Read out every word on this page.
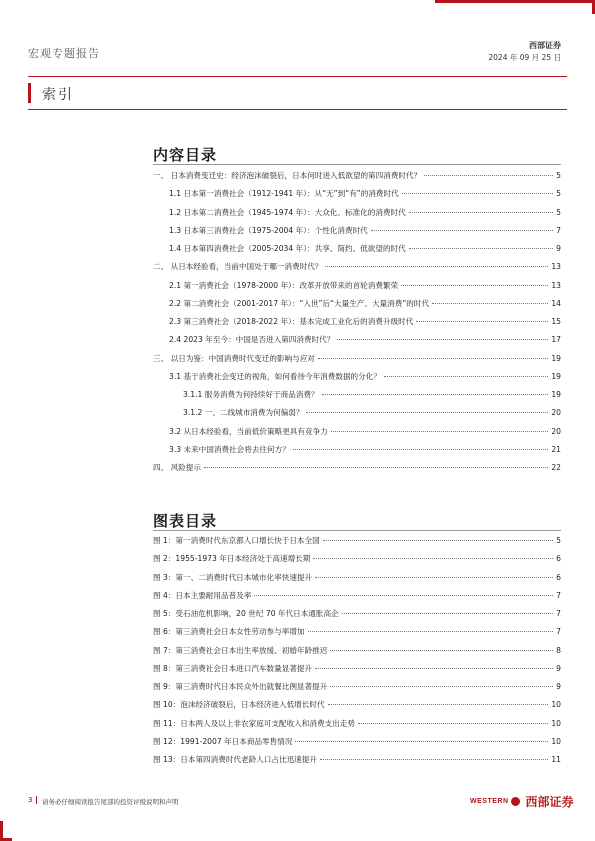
宏观专题报告
西部证券
2024 年 09 月 25 日
索引
内容目录
一、 日本消费变迁史：经济泡沫破裂后，日本何时进入低欲望的第四消费时代？	5
1.1 日本第一消费社会（1912-1941 年）：从“无”到“有”的消费时代	5
1.2 日本第二消费社会（1945-1974 年）：大众化、标准化的消费时代	5
1.3 日本第三消费社会（1975-2004 年）：个性化消费时代	7
1.4 日本第四消费社会（2005-2034 年）：共享、简约、低欲望的时代	9
二、 从日本经验看，当前中国处于哪一消费时代？	13
2.1 第一消费社会（1978-2000 年）：改革开放带来的首轮消费繁荣	13
2.2 第二消费社会（2001-2017 年）：“入世”后“大量生产、大量消费”的时代	14
2.3 第三消费社会（2018-2022 年）：基本完成工业化后的消费升级时代	15
2.4 2023 年至今：中国是否进入第四消费时代？	17
三、 以日为鉴：中国消费时代变迁的影响与应对	19
3.1 基于消费社会变迁的视角，如何看待今年消费数据的分化？	19
3.1.1 服务消费为何持续好于商品消费？	19
3.1.2 一、二线城市消费为何偏弱？	20
3.2 从日本经验看，当前低价策略更具有竞争力	20
3.3 未来中国消费社会将去往何方？	21
四、 风险提示	22
图表目录
图 1：第一消费时代东京都人口增长快于日本全国	5
图 2：1955-1973 年日本经济处于高速增长期	6
图 3：第一、二消费时代日本城市化率快速提升	6
图 4：日本主要耐用品普及率	7
图 5：受石油危机影响，20 世纪 70 年代日本通胀高企	7
图 6：第三消费社会日本女性劳动参与率增加	7
图 7：第三消费社会日本出生率放缓、初婚年龄推迟	8
图 8：第三消费社会日本进口汽车数量显著提升	9
图 9：第三消费时代日本民众外出就餐比例显著提升	9
图 10：泡沫经济破裂后，日本经济进入低增长时代	10
图 11：日本两人及以上非农家庭可支配收入和消费支出走势	10
图 12：1991-2007 年日本商品零售情况	10
图 13：日本第四消费时代老龄人口占比迅速提升	11
3 请务必仔细阅读报告尾部的投资评级说明和声明	WESTERN 西部证券
